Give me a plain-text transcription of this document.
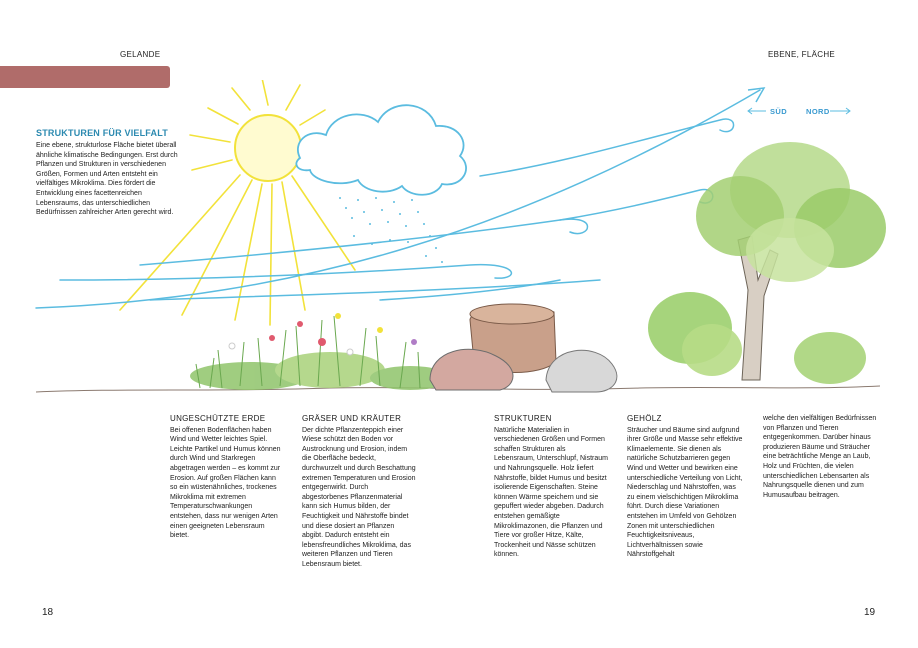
GELANDE	EBENE, FLÄCHE
SÜD	NORD
STRUKTUREN FÜR VIELFALT

Eine ebene, strukturlose Fläche bietet überall ähnliche klimatische Bedingungen. Erst durch Pflanzen und Strukturen in verschiedenen Größen, Formen und Arten entsteht ein vielfältiges Mikroklima. Dies fördert die Entwicklung eines facettenreichen Lebensraums, das unterschiedlichen Bedürfnissen zahlreicher Arten gerecht wird.

UNGESCHÜTZTE ERDE

Bei offenen Bodenflächen haben Wind und Wetter leichtes Spiel. Leichte Partikel und Humus können durch Wind und Starkregen abgetragen werden – es kommt zur Erosion. Auf großen Flächen kann so ein wüstenähnliches, trockenes Mikroklima mit extremen Temperaturschwankungen entstehen, dass nur wenigen Arten einen geeigneten Lebensraum bietet.

GRÄSER UND KRÄUTER

Der dichte Pflanzenteppich einer Wiese schützt den Boden vor Austrocknung und Erosion, indem die Oberfläche bedeckt, durchwurzelt und durch Beschattung extremen Temperaturen und Erosion entgegenwirkt. Durch abgestorbenes Pflanzenmaterial kann sich Humus bilden, der Feuchtigkeit und Nährstoffe bindet und diese dosiert an Pflanzen abgibt. Dadurch entsteht ein lebensfreundliches Mikroklima, das weiteren Pflanzen und Tieren Lebensraum bietet.

STRUKTUREN

Natürliche Materialien in verschiedenen Größen und Formen schaffen Strukturen als Lebensraum, Unterschlupf, Nistraum und Nahrungsquelle. Holz liefert Nährstoffe, bildet Humus und besitzt isolierende Eigenschaften. Steine können Wärme speichern und sie gepuffert wieder abgeben. Dadurch entstehen gemäßigte Mikroklimazonen, die Pflanzen und Tiere vor großer Hitze, Kälte, Trockenheit und Nässe schützen können.

GEHÖLZ

Sträucher und Bäume sind aufgrund ihrer Größe und Masse sehr effektive Klimaelemente. Sie dienen als natürliche Schutzbarrieren gegen Wind und Wetter und bewirken eine unterschiedliche Verteilung von Licht, Niederschlag und Nährstoffen, was zu einem vielschichtigen Mikroklima führt. Durch diese Variationen entstehen im Umfeld von Gehölzen Zonen mit unterschiedlichen Feuchtigkeitsniveaus, Lichtverhältnissen sowie Nährstoffgehalt

welche den vielfältigen Bedürfnissen von Pflanzen und Tieren entgegenkommen. Darüber hinaus produzieren Bäume und Sträucher eine beträchtliche Menge an Laub, Holz und Früchten, die vielen unterschiedlichen Lebensarten als Nahrungsquelle dienen und zum Humusaufbau beitragen.

18	19
